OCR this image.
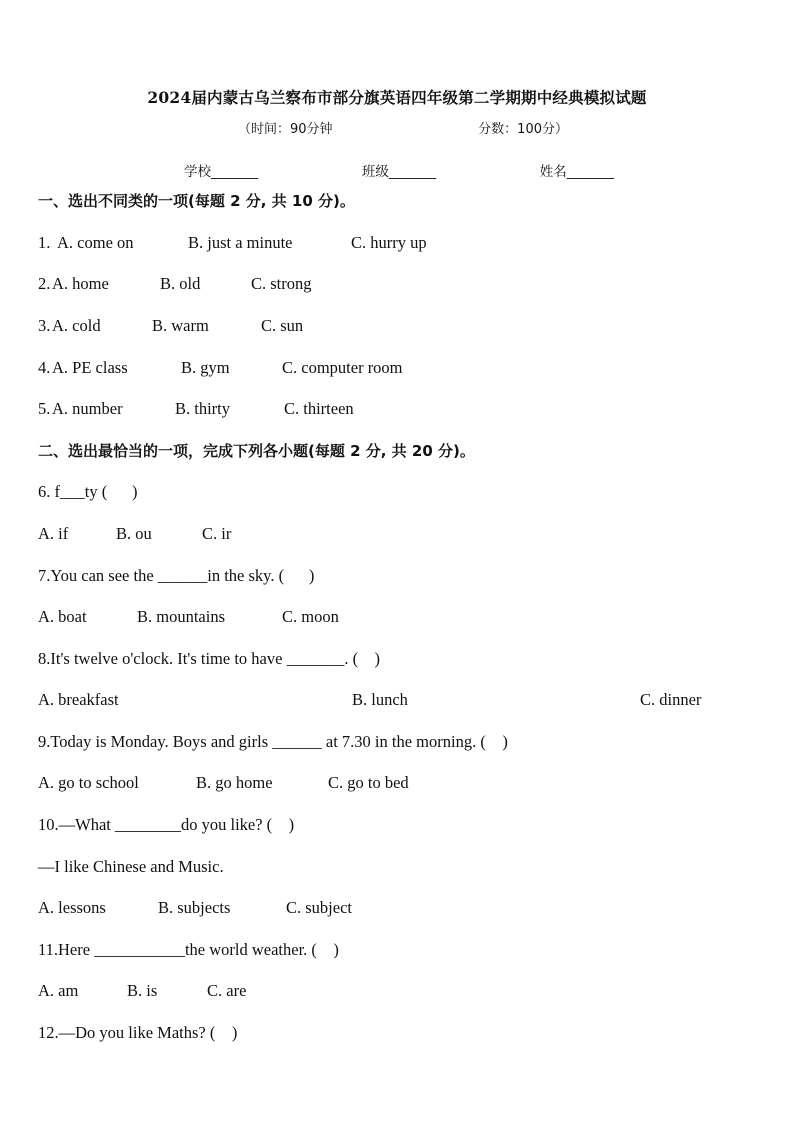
2024届内蒙古乌兰察布市部分旗英语四年级第二学期期中经典模拟试题
（时间：90分钟	分数：100分）
学校_______	班级_______	姓名_______
一、选出不同类的一项(每题 2 分, 共 10 分)。
1. A. come on	B. just a minute	C. hurry up
2. A. home	B. old	C. strong
3. A. cold	B. warm	C. sun
4. A. PE class	B. gym	C. computer room
5. A. number	B. thirty	C. thirteen
二、选出最恰当的一项，完成下列各小题(每题 2 分, 共 20 分)。
6. f___ty (      )
A. if	B. ou	C. ir
7.You can see the ______in the sky. (      )
A. boat	B. mountains	C. moon
8.It's twelve o'clock. It's time to have _______. (    )
A. breakfast	B. lunch	C. dinner
9.Today is Monday. Boys and girls ______ at 7.30 in the morning. (    )
A. go to school	B. go home	C. go to bed
10.—What ________do you like? (    )
—I like Chinese and Music.
A. lessons	B. subjects	C. subject
11.Here ___________the world weather. (    )
A. am	B. is	C. are
12.—Do you like Maths? (    )
